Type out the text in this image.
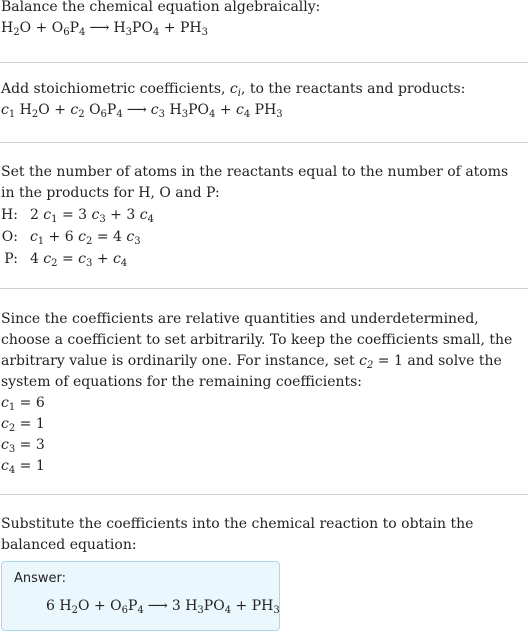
Balance the chemical equation algebraically:
$H_2O + O_6P_4$ ⟶ $H_3PO_4 + PH_3$
Add stoichiometric coefficients, $c_i$, to the reactants and products:
$c_1$ $H_2O + c_2$ $O_6P_4$ ⟶ $c_3$ $H_3PO_4 + c_4$ $PH_3$
Set the number of atoms in the reactants equal to the number of atoms in the products for H, O and P:
H:	2 $c_1 = 3$ $c_3 + 3$ $c_4$
O:	$c_1 + 6$ $c_2 = 4$ $c_3$
P:	4 $c_2 = c_3 + c_4$
Since the coefficients are relative quantities and underdetermined, choose a coefficient to set arbitrarily. To keep the coefficients small, the arbitrary value is ordinarily one. For instance, set $c_2 = 1$ and solve the system of equations for the remaining coefficients:
$c_1 = 6$
$c_2 = 1$
$c_3 = 3$
$c_4 = 1$
Substitute the coefficients into the chemical reaction to obtain the balanced equation:
Answer:
6 $H_2O + O_6P_4$ ⟶ 3 $H_3PO_4 + PH_3$
